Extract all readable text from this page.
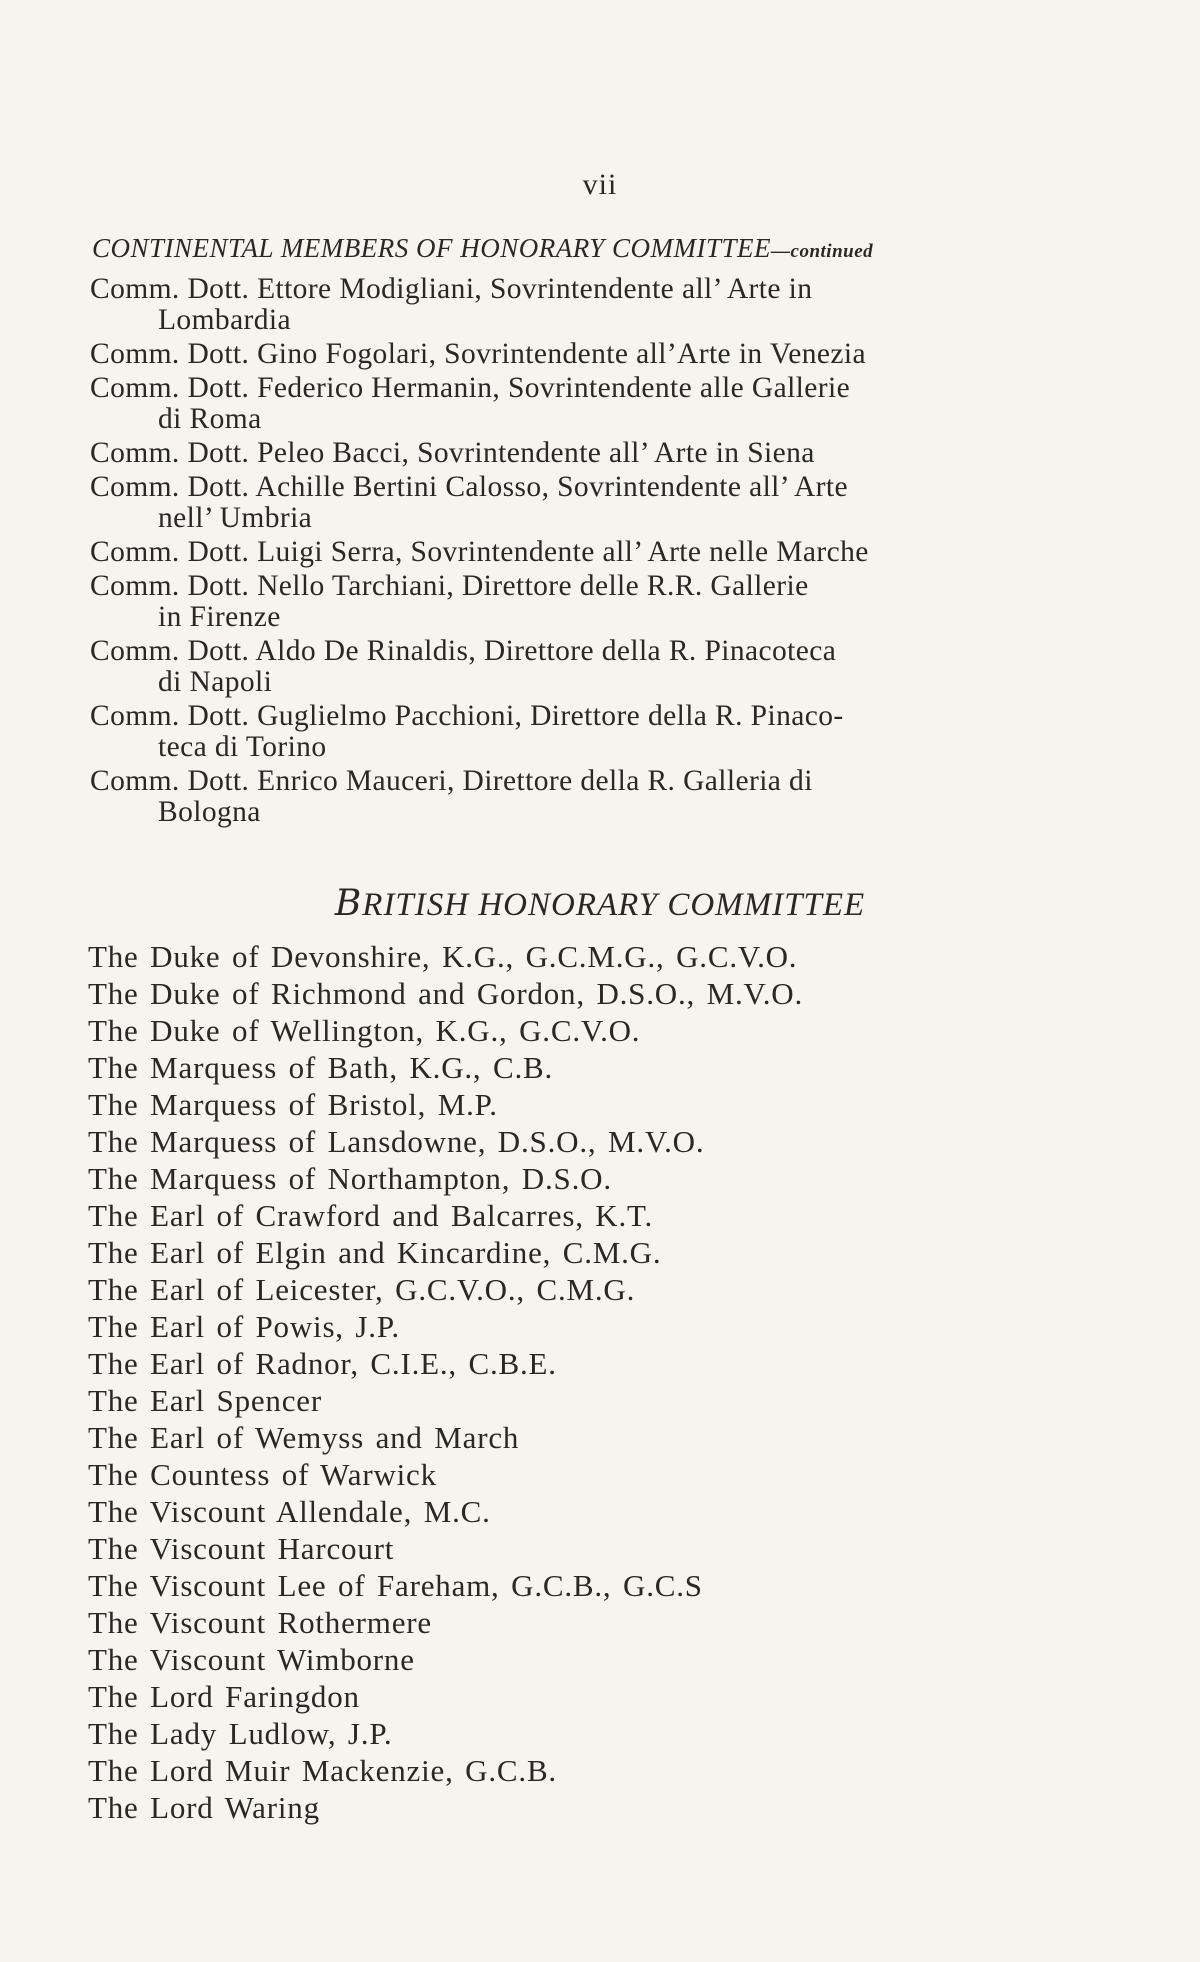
vii
CONTINENTAL MEMBERS OF HONORARY COMMITTEE—continued
Comm. Dott. Ettore Modigliani, Sovrintendente all’ Arte in
Lombardia
Comm. Dott. Gino Fogolari, Sovrintendente all’Arte in Venezia
Comm. Dott. Federico Hermanin, Sovrintendente alle Gallerie
di Roma
Comm. Dott. Peleo Bacci, Sovrintendente all’ Arte in Siena
Comm. Dott. Achille Bertini Calosso, Sovrintendente all’ Arte
nell’ Umbria
Comm. Dott. Luigi Serra, Sovrintendente all’ Arte nelle Marche
Comm. Dott. Nello Tarchiani, Direttore delle R.R. Gallerie
in Firenze
Comm. Dott. Aldo De Rinaldis, Direttore della R. Pinacoteca
di Napoli
Comm. Dott. Guglielmo Pacchioni, Direttore della R. Pinaco-
teca di Torino
Comm. Dott. Enrico Mauceri, Direttore della R. Galleria di
Bologna
BRITISH HONORARY COMMITTEE
The Duke of Devonshire, K.G., G.C.M.G., G.C.V.O.
The Duke of Richmond and Gordon, D.S.O., M.V.O.
The Duke of Wellington, K.G., G.C.V.O.
The Marquess of Bath, K.G., C.B.
The Marquess of Bristol, M.P.
The Marquess of Lansdowne, D.S.O., M.V.O.
The Marquess of Northampton, D.S.O.
The Earl of Crawford and Balcarres, K.T.
The Earl of Elgin and Kincardine, C.M.G.
The Earl of Leicester, G.C.V.O., C.M.G.
The Earl of Powis, J.P.
The Earl of Radnor, C.I.E., C.B.E.
The Earl Spencer
The Earl of Wemyss and March
The Countess of Warwick
The Viscount Allendale, M.C.
The Viscount Harcourt
The Viscount Lee of Fareham, G.C.B., G.C.S
The Viscount Rothermere
The Viscount Wimborne
The Lord Faringdon
The Lady Ludlow, J.P.
The Lord Muir Mackenzie, G.C.B.
The Lord Waring
